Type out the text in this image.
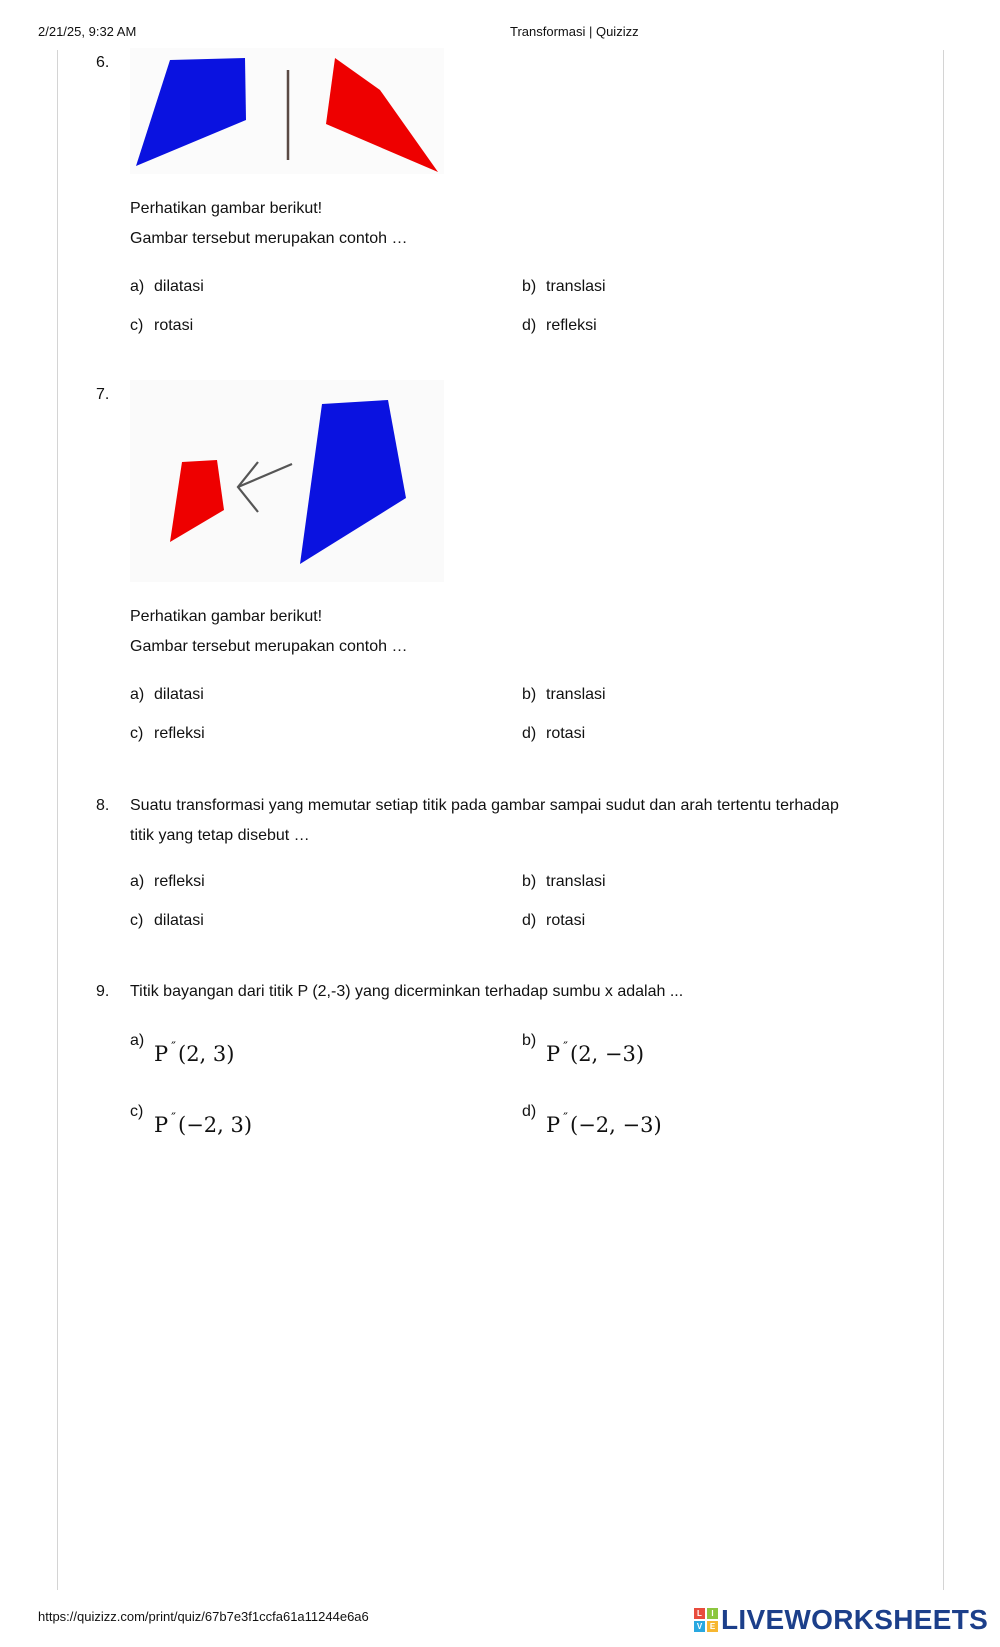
2/21/25, 9:32 AM	Transformasi | Quizizz
6.
Perhatikan gambar berikut!
Gambar tersebut merupakan contoh …
a) dilatasi	b) translasi
c) rotasi	d) refleksi
7.
Perhatikan gambar berikut!
Gambar tersebut merupakan contoh …
a) dilatasi	b) translasi
c) refleksi	d) rotasi
8. Suatu transformasi yang memutar setiap titik pada gambar sampai sudut dan arah tertentu terhadap
titik yang tetap disebut …
a) refleksi	b) translasi
c) dilatasi	d) rotasi
9. Titik bayangan dari titik P (2,-3) yang dicerminkan terhadap sumbu x adalah ...
a)
P ″(2, 3)
b)
P ″(2, −3)
c)
P ″(−2, 3)
d)
P ″(−2, −3)
https://quizizz.com/print/quiz/67b7e3f1ccfa61a11244e6a6	L	I
V E LIVEWORKSHEETS
